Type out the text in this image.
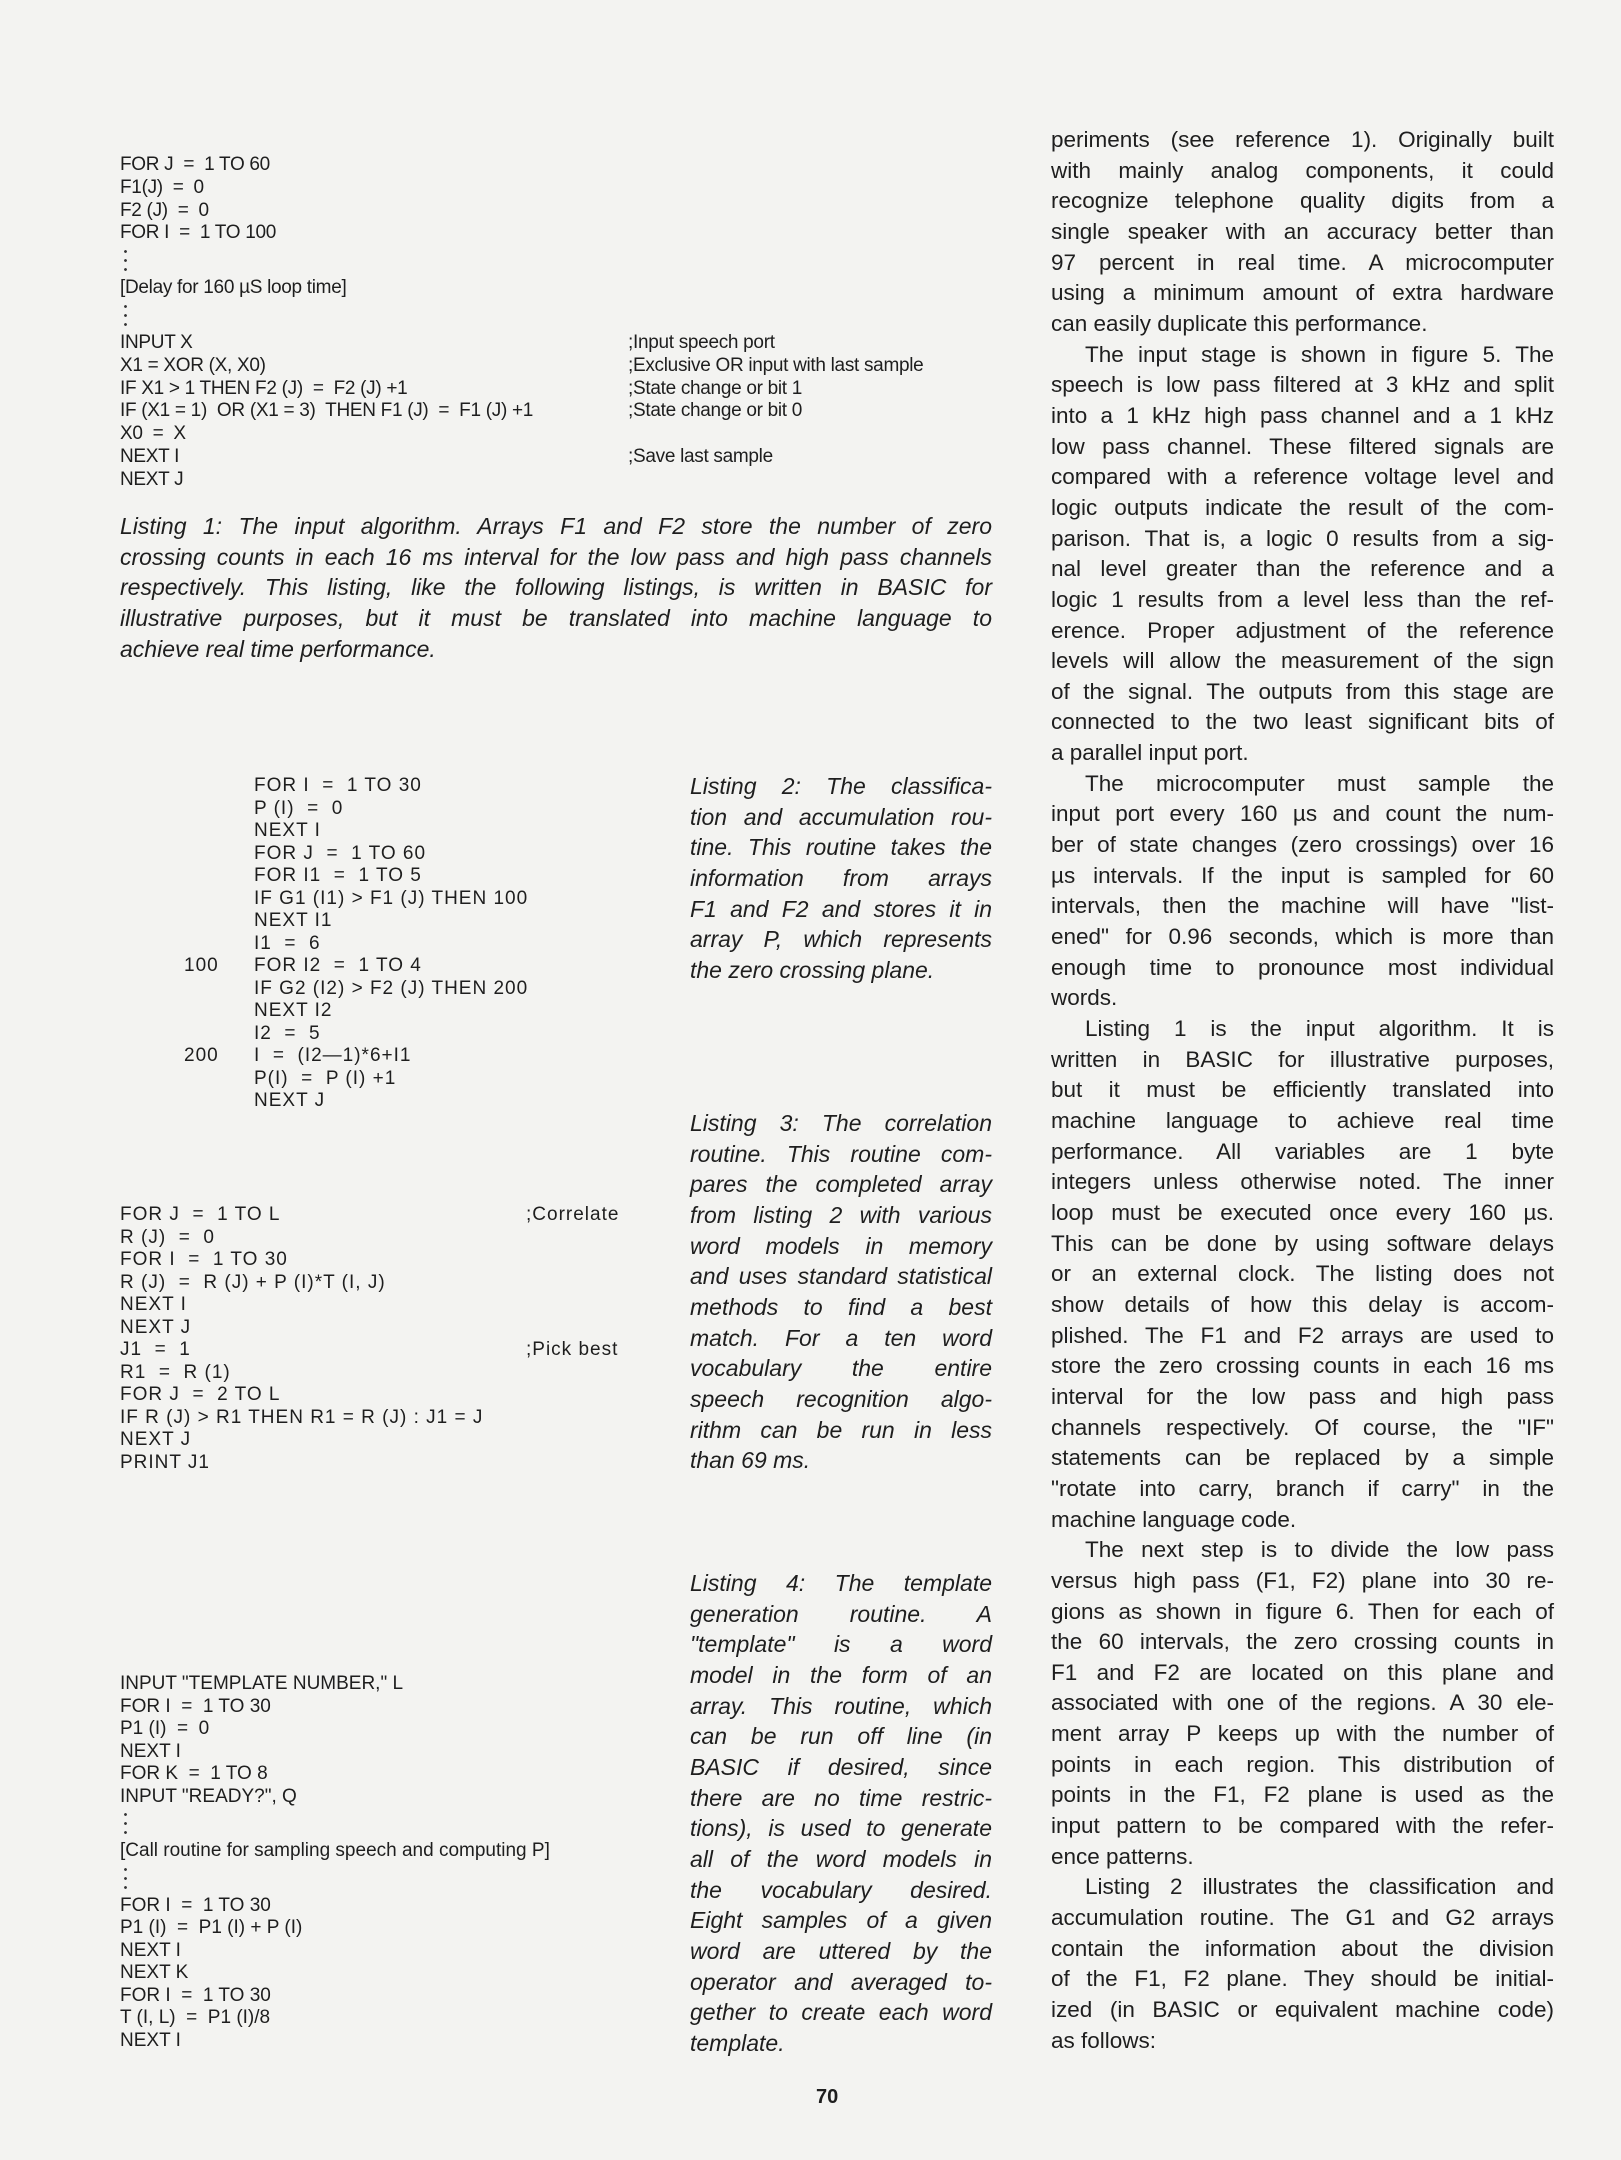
FOR J  =  1 TO 60
F1(J)  =  0
F2 (J)  =  0
FOR I  =  1 TO 100
[Delay for 160 µS loop time]
INPUT X	;Input speech port
X1 = XOR (X, X0)	;Exclusive OR input with last sample
IF X1 > 1 THEN F2 (J)  =  F2 (J) +1	;State change or bit 1
IF (X1 = 1)  OR (X1 = 3)  THEN F1 (J)  =  F1 (J) +1	;State change or bit 0
X0  =  X
NEXT I	;Save last sample
NEXT J
Listing 1: The input algorithm. Arrays F1 and F2 store the number of zero
crossing counts in each 16 ms interval for the low pass and high pass channels
respectively. This listing, like the following listings, is written in BASIC for
illustrative purposes, but it must be translated into machine language to
achieve real time performance.
FOR I  =  1 TO 30
P (I)  =  0
NEXT I
FOR J  =  1 TO 60
FOR I1  =  1 TO 5
IF G1 (I1) > F1 (J) THEN 100
NEXT I1
I1  =  6
100 FOR I2  =  1 TO 4
IF G2 (I2) > F2 (J) THEN 200
NEXT I2
I2  =  5
200 I  =  (I2—1)*6+I1
P(I)  =  P (I) +1
NEXT J
Listing 2: The classifica-
tion and accumulation rou-
tine. This routine takes the
information from arrays
F1 and F2 and stores it in
array P, which represents
the zero crossing plane.
FOR J  =  1 TO L	;Correlate
R (J)  =  0
FOR I  =  1 TO 30
R (J)  =  R (J) + P (I)*T (I, J)
NEXT I
NEXT J
J1  =  1	;Pick best
R1  =  R (1)
FOR J  =  2 TO L
IF R (J) > R1 THEN R1 = R (J) : J1 = J
NEXT J
PRINT J1
Listing 3: The correlation
routine. This routine com-
pares the completed array
from listing 2 with various
word models in memory
and uses standard statistical
methods to find a best
match. For a ten word
vocabulary the entire
speech recognition algo-
rithm can be run in less
than 69 ms.
INPUT "TEMPLATE NUMBER," L
FOR I  =  1 TO 30
P1 (I)  =  0
NEXT I
FOR K  =  1 TO 8
INPUT "READY?", Q
[Call routine for sampling speech and computing P]
FOR I  =  1 TO 30
P1 (I)  =  P1 (I) + P (I)
NEXT I
NEXT K
FOR I  =  1 TO 30
T (I, L)  =  P1 (I)/8
NEXT I
Listing 4: The template
generation routine. A
"template" is a word
model in the form of an
array. This routine, which
can be run off line (in
BASIC if desired, since
there are no time restric-
tions), is used to generate
all of the word models in
the vocabulary desired.
Eight samples of a given
word are uttered by the
operator and averaged to-
gether to create each word
template.
periments (see reference 1). Originally built
with mainly analog components, it could
recognize telephone quality digits from a
single speaker with an accuracy better than
97 percent in real time. A microcomputer
using a minimum amount of extra hardware
can easily duplicate this performance.
The input stage is shown in figure 5. The
speech is low pass filtered at 3 kHz and split
into a 1 kHz high pass channel and a 1 kHz
low pass channel. These filtered signals are
compared with a reference voltage level and
logic outputs indicate the result of the com-
parison. That is, a logic 0 results from a sig-
nal level greater than the reference and a
logic 1 results from a level less than the ref-
erence. Proper adjustment of the reference
levels will allow the measurement of the sign
of the signal. The outputs from this stage are
connected to the two least significant bits of
a parallel input port.
The microcomputer must sample the
input port every 160 µs and count the num-
ber of state changes (zero crossings) over 16
µs intervals. If the input is sampled for 60
intervals, then the machine will have "list-
ened" for 0.96 seconds, which is more than
enough time to pronounce most individual
words.
Listing 1 is the input algorithm. It is
written in BASIC for illustrative purposes,
but it must be efficiently translated into
machine language to achieve real time
performance. All variables are 1 byte
integers unless otherwise noted. The inner
loop must be executed once every 160 µs.
This can be done by using software delays
or an external clock. The listing does not
show details of how this delay is accom-
plished. The F1 and F2 arrays are used to
store the zero crossing counts in each 16 ms
interval for the low pass and high pass
channels respectively. Of course, the "IF"
statements can be replaced by a simple
"rotate into carry, branch if carry" in the
machine language code.
The next step is to divide the low pass
versus high pass (F1, F2) plane into 30 re-
gions as shown in figure 6. Then for each of
the 60 intervals, the zero crossing counts in
F1 and F2 are located on this plane and
associated with one of the regions. A 30 ele-
ment array P keeps up with the number of
points in each region. This distribution of
points in the F1, F2 plane is used as the
input pattern to be compared with the refer-
ence patterns.
Listing 2 illustrates the classification and
accumulation routine. The G1 and G2 arrays
contain the information about the division
of the F1, F2 plane. They should be initial-
ized (in BASIC or equivalent machine code)
as follows:
70
